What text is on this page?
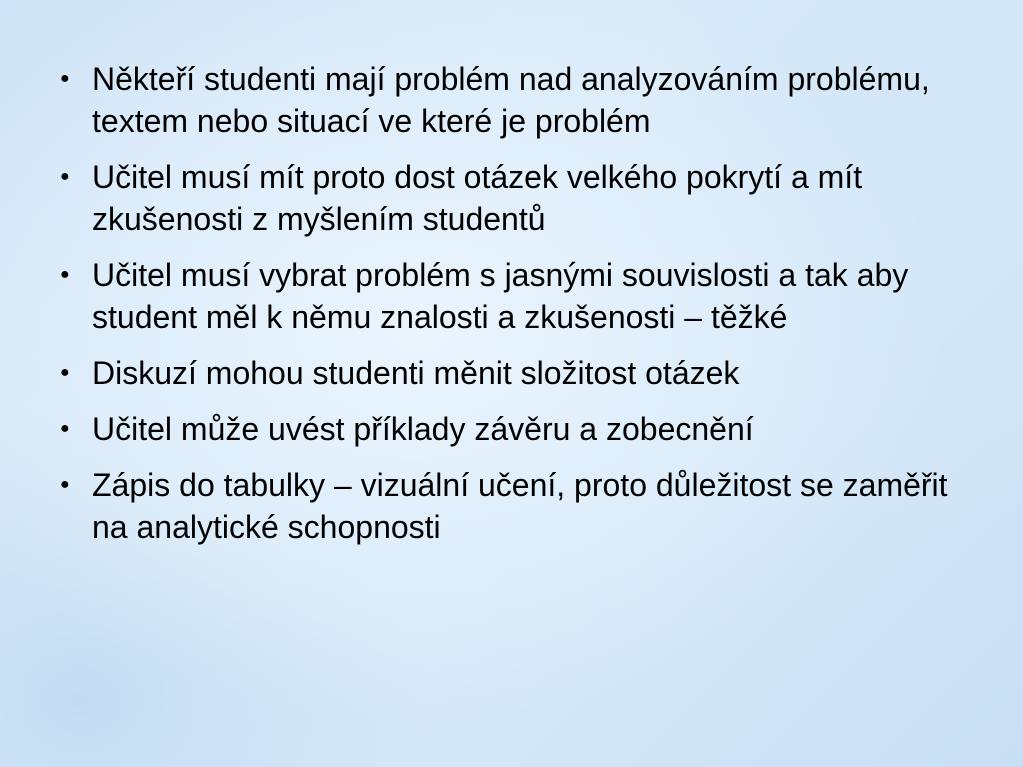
● Někteří studenti mají problém nad analyzováním problému, textem nebo situací ve které je problém
● Učitel musí mít proto dost otázek velkého pokrytí a mít zkušenosti z myšlením studentů
● Učitel musí vybrat problém s jasnými souvislosti a tak aby student měl k němu znalosti a zkušenosti – těžké
● Diskuzí mohou studenti měnit složitost otázek
● Učitel může uvést příklady závěru a zobecnění
● Zápis do tabulky – vizuální učení, proto důležitost se zaměřit na analytické schopnosti
